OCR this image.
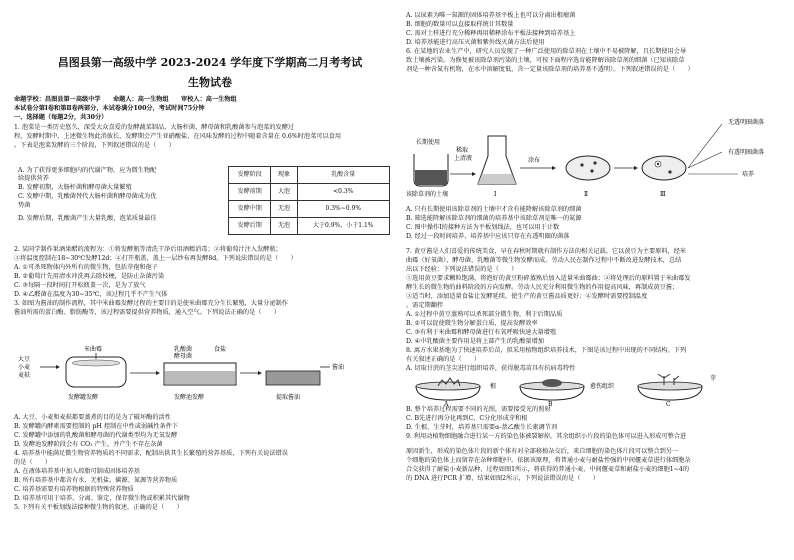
昌图县第一高级中学 2023-2024 学年度下学期高二月考考试
生物试卷
命题学校：昌图县第一高级中学　　命题人：高一生物组　　审校人：高一生物组
本试卷分第Ⅰ卷和第Ⅱ卷两部分，本试卷满分100分，考试时间75分钟
一、选择题（每题2分，共30分）
1. 泡菜是一类历史悠久、深受大众喜爱的发酵蔬菜制品，大肠杆菌、酵母菌和乳酸菌参与泡菜的发酵过
程，发酵时期中，上述微生物此消彼长，发酵期会产生亚硝酸盐，在风味发酵的过程中随着含量在 0.6%时泡菜可以食用
。下表是泡菜发酵的三个阶段，下列叙述错误的是（　　）
A. 为了获得更多细胞内的代谢产物，应为微生物配
给提供营养
B. 发酵初期，大肠杆菌和酵母菌大量繁殖
C. 发酵中期，乳酸菌替代大肠杆菌和酵母菌成为优
势菌
D. 发酵后期，乳酸菌产生大量乳酸，泡菜质量最佳
2. 某同学制作果酒果醋的流程为：①将发酵瓶等清洗干净后用酒精消毒；②将葡萄汁注入发酵瓶；
③将温度控制在18~30℃发酵12d；④打开瓶盖，盖上一层纱布再发酵8d。下列说法错误的是（　　）
A. ①可杀死物体内外所有的微生物，包括芽孢和孢子
B. ②葡萄汁先用清水冲洗再去除枝梗，是防止杂菌污染
C. ③每隔一段时间打开松瓶盖一次，是为了放气
D. ④乙醛菌在温度为30~35℃，该过程几乎不产生气体
3. 如图为酱油的制作流程，其中米曲霉发酵过程的主要目的是使米曲霉充分生长繁殖，大量分泌制作
酱油所需的蛋白酶、脂肪酶等，该过程需要提供营养物质，通入空气。下列说法正确的是（　　）
A. 大豆、小麦和麦麸都要蒸煮的目的是为了破坏酶的活性
B. 发酵罐内酵素需要控制的 pH 控制在中性或弱碱性条件下
C. 发酵罐中添加的乳酸菌和酵母菌的代谢类型均为无氧发酵
D. 发酵池发酵阶段会有 CO₂ 产生，并产生不存在杂菌
4. 培养基中能满足微生物营养物质的不同需求，配制出供其生长繁殖的营养基质，下列有关说法错误
的是（　　）
A. 在液体培养基中加入琼脂可制成固体培养基
B. 所有培养基中都含有水、无机盐、碳源、氮源等营养物质
C. 培养基需要有培养物根据的特殊营养物质
D. 培养基可用于培养、分离、鉴定、保存微生物或积累其代谢物
5. 下列有关平板划线法接种微生物的叙述，正确的是（　　）
发酵阶段	现象	乳酸含量
发酵前期	大泡	<0.3%
发酵中期	无泡	0.3%~0.9%
发酵后期	无泡	大于0.9%，小于1.1%
大豆
小麦
麦麸
米曲霉
发酵罐发酵
乳酸菌
酵母菌
食盐
发酵池发酵	提取酱油
酱油
A. 以尿素为唯一氮源的固体培养基平板上也可以分离出根瘤菌
B. 细胞的数量可以直接取样统计其数量
C. 需对土样进行充分稀释再用稀释涂布平板法接种到培养基上
D. 培养基能进行高压灭菌和紫外线灭菌方法后使用
6. 在某地的农业生产中，研究人员发现了一种广泛使用的除草剂在土壤中不易被降解，且长期使用会导
致土壤被污染。为修复被该除草剂污染的土壤，可按下面程序选育能降解该除草剂的细菌（已知该除草
剂是一种含氮有机物，在水中溶解度低，含一定量该除草剂的培养基不透明）。下列叙述错误的是（　　）
A. 只有长期使用该除草剂的土壤中才含有能降解该除草剂的细菌
B. 筛选能降解该除草剂的细菌的培养基中该除草剂是唯一的氮源
C. 图中操作Ⅰ的接种方法为平板划线法，也可以用于计数
D. 经过一段时间培养，培养基中应该只存在有透明圈的菌落
7. 黄豆酱是人们喜爱的传统美食，早在春秋时期就有制作方法的相关记载。它以黄豆为主要原料，经米
曲霉（好氧菌）、酵母菌、乳酸菌等微生物发酵而成。劳动人民在制作过程中不断改进发酵技术，总结
出以下经验：下列说法错误的是（　　）
①选用黄豆要求颗粒饱满，将泡好的黄豆粉碎蒸熟后加入适量米曲霉曲；②将处理后的原料置于米曲霉发
酵生长的微生物的曲料阶段的方向发酵。劳动人民充分利用微生物的作用提高风味，再制成黄豆酱；
③适当时，添加适量食盐让发酵延续，使生产的黄豆酱品质更好；④发酵时需要控制温度
，需定期翻拌
A. ①过程中黄豆蒸熟可以杀死部分微生物，利于后期品质
B. ②可以促使微生物分解蛋白质，提高发酵效率
C. ③有利于米曲霉和酵母菌进行有氧呼吸快速大量增殖
D. ④中乳酸菌主要作用是将上部产生的乳酸量增加
8. 离方水果基地为了快速培养后苗，拟采用植物组织培养技术，下图是该过程中出现的不同结构。下列
有关叙述正确的是（　　）
A. 切取甘蔗的茎尖进行组织培养，获得脱毒苗具有抗病毒特性
B. 整个培养过程需要不同的光照，需要接受光的照射
C. B先进行再分化再到C，C分化形成芽和根
D. 生根、生芽时，培养基只需要α-萘乙酸生长素调节剂
9. 利用动植物细胞融合进行某一方的染色体被裂解掉，其余组织小片段的染色体可以进入形成可整合进
原因新生，形成的染色体片段的新个体有对全部移植杂交后，来自细胞的染色体片段可以整合到另一
个细胞的染色体上而留存在杂种细胞中。依据该原理，将普通小麦与耐盐性强的中间偃麦草进行体细胞杂
合交获得了耐盐小麦新品种，过程如图1所示，将获得的普通小麦、中间偃麦草和耐盐小麦的细胞1~4的
的 DNA 进行PCR 扩增，结果如图2所示，下列说法错误的是（　　）
长期使用
该除草剂的土壤
稀取
上清液
Ⅰ
涂布
Ⅱ	Ⅲ
无透明圈菌落
有透明圈菌落
培养
根
A
愈伤组织
B
芽
C
